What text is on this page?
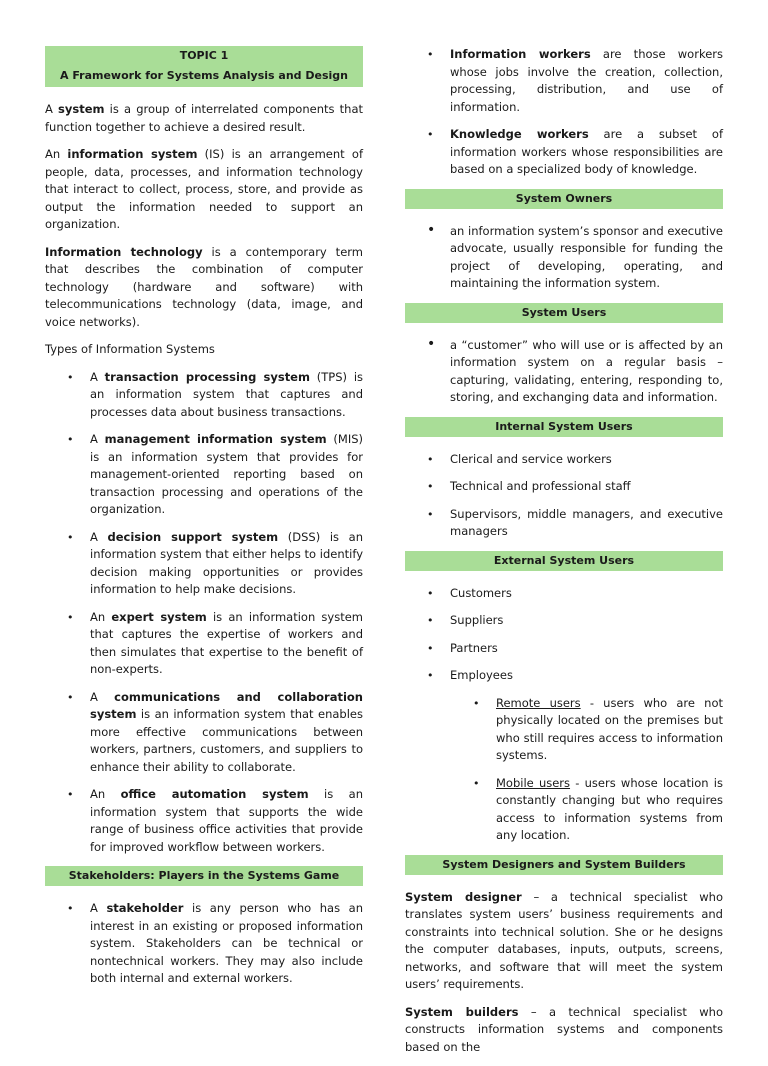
TOPIC 1
A Framework for Systems Analysis and Design

A system is a group of interrelated components that function together to achieve a desired result.

An information system (IS) is an arrangement of people, data, processes, and information technology that interact to collect, process, store, and provide as output the information needed to support an organization.

Information technology is a contemporary term that describes the combination of computer technology (hardware and software) with telecommunications technology (data, image, and voice networks).

Types of Information Systems

• A transaction processing system (TPS) is an information system that captures and processes data about business transactions.
• A management information system (MIS) is an information system that provides for management-oriented reporting based on transaction processing and operations of the organization.
• A decision support system (DSS) is an information system that either helps to identify decision making opportunities or provides information to help make decisions.
• An expert system is an information system that captures the expertise of workers and then simulates that expertise to the benefit of non-experts.
• A communications and collaboration system is an information system that enables more effective communications between workers, partners, customers, and suppliers to enhance their ability to collaborate.
• An office automation system is an information system that supports the wide range of business office activities that provide for improved workflow between workers.
Stakeholders: Players in the Systems Game
• A stakeholder is any person who has an interest in an existing or proposed information system. Stakeholders can be technical or nontechnical workers. They may also include both internal and external workers.
• Information workers are those workers whose jobs involve the creation, collection, processing, distribution, and use of information.
• Knowledge workers are a subset of information workers whose responsibilities are based on a specialized body of knowledge.
System Owners
• an information system’s sponsor and executive advocate, usually responsible for funding the project of developing, operating, and maintaining the information system.
System Users
• a “customer” who will use or is affected by an information system on a regular basis – capturing, validating, entering, responding to, storing, and exchanging data and information.
Internal System Users
• Clerical and service workers
• Technical and professional staff
• Supervisors, middle managers, and executive managers
External System Users
• Customers
• Suppliers
• Partners
• Employees
• Remote users - users who are not physically located on the premises but who still requires access to information systems.
• Mobile users - users whose location is constantly changing but who requires access to information systems from any location.
System Designers and System Builders

System designer – a technical specialist who translates system users’ business requirements and constraints into technical solution. She or he designs the computer databases, inputs, outputs, screens, networks, and software that will meet the system users’ requirements.

System builders – a technical specialist who constructs information systems and components based on the
